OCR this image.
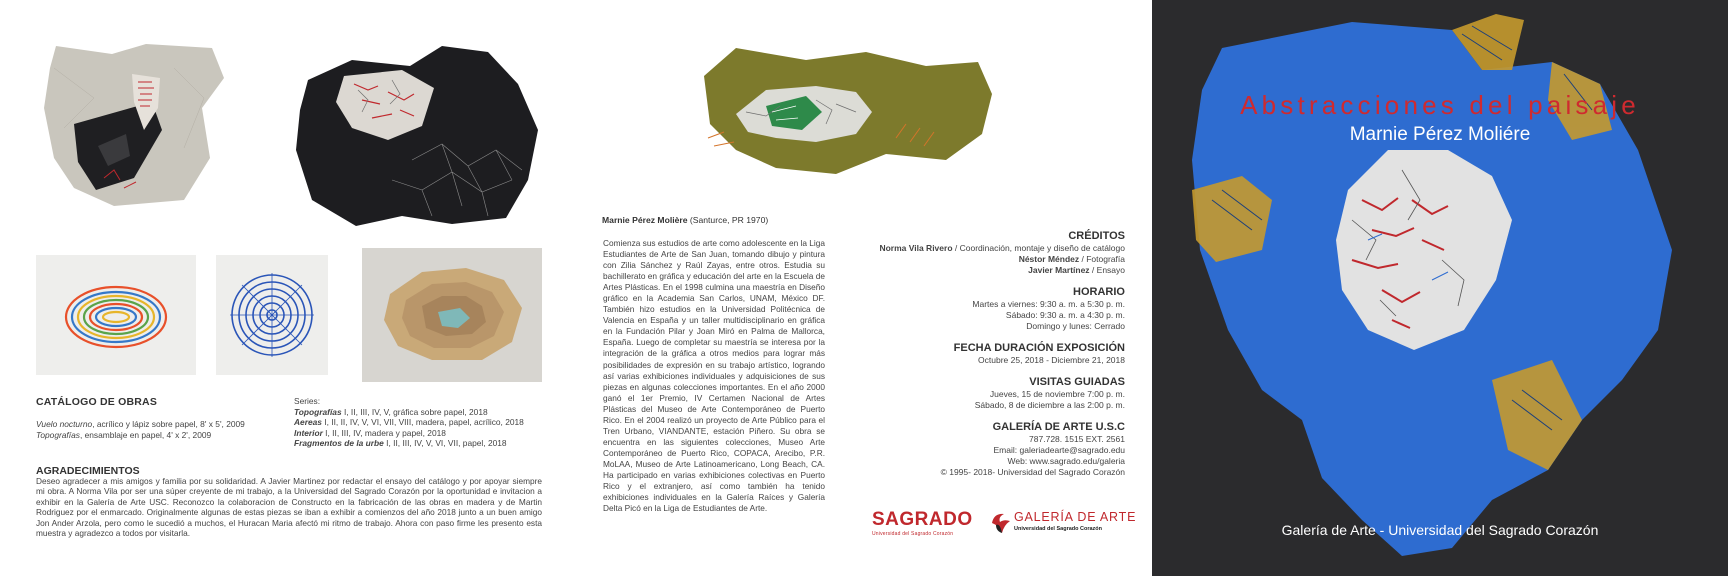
CATÁLOGO DE OBRAS
Vuelo nocturno, acrílico y lápiz sobre papel, 8' x 5', 2009
Topografías, ensamblaje en papel, 4' x 2', 2009
Series:
Topografías I, II, III, IV, V, gráfica sobre papel, 2018
Aereas I, II, II, IV, V, VI, VII, VIII, madera, papel, acrílico, 2018
Interior I, II, III, IV, madera y papel, 2018
Fragmentos de la urbe I, II, III, IV, V, VI, VII, papel, 2018
AGRADECIMIENTOS
Deseo agradecer a mis amigos y familia por su solidaridad. A Javier Martinez por redactar el ensayo del catálogo y por apoyar siempre mi obra. A Norma Vila por ser una súper creyente de mi trabajo, a la Universidad del Sagrado Corazón por la oportunidad e invitacion a exhibir en la Galería de Arte USC. Reconozco la colaboracion de Constructo en la fabricación de las obras en madera y de Martin Rodriguez por el enmarcado. Originalmente algunas de estas piezas se iban a exhibir a comienzos del año 2018 junto a un buen amigo Jon Ander Arzola, pero como le sucedió a muchos, el Huracan Maria afectó mi ritmo de trabajo. Ahora con paso firme les presento esta muestra y agradezco a todos por visitarla.
Marnie Pérez Molière (Santurce, PR 1970)
Comienza sus estudios de arte como adolescente en la Liga Estudiantes de Arte de San Juan, tomando dibujo y pintura con Zilia Sánchez y Raúl Zayas, entre otros. Estudia su bachillerato en gráfica y educación del arte en la Escuela de Artes Plásticas. En el 1998 culmina una maestría en Diseño gráfico en la Academia San Carlos, UNAM, México DF. También hizo estudios en la Universidad Politécnica de Valencia en España y un taller multidisciplinario en gráfica en la Fundación Pilar y Joan Miró en Palma de Mallorca, España. Luego de completar su maestría se interesa por la integración de la gráfica a otros medios para lograr más posibilidades de expresión en su trabajo artístico, logrando así varias exhibiciones individuales y adquisiciones de sus piezas en algunas colecciones importantes. En el año 2000 ganó el 1er Premio, IV Certamen Nacional de Artes Plásticas del Museo de Arte Contemporáneo de Puerto Rico. En el 2004 realizó un proyecto de Arte Público para el Tren Urbano, VIANDANTE, estación Piñero. Su obra se encuentra en las siguientes colecciones, Museo Arte Contemporáneo de Puerto Rico, COPACA, Arecibo, P.R. MoLAA, Museo de Arte Latinoamericano, Long Beach, CA. Ha participado en varias exhibiciones colectivas en Puerto Rico y el extranjero, así como también ha tenido exhibiciones individuales en la Galería Raíces y Galería Delta Picó en la Liga de Estudiantes de Arte.
CRÉDITOS
Norma Vila Rivero / Coordinación, montaje y diseño de catálogo
Néstor Méndez / Fotografía
Javier Martínez / Ensayo
HORARIO
Martes a viernes: 9:30 a. m. a 5:30 p. m.
Sábado: 9:30 a. m. a 4:30 p. m.
Domingo y lunes: Cerrado
FECHA DURACIÓN EXPOSICIÓN
Octubre 25, 2018 - Diciembre 21, 2018
VISITAS GUIADAS
Jueves, 15 de noviembre 7:00 p. m.
Sábado, 8 de diciembre a las 2:00 p. m.
GALERÍA DE ARTE U.S.C
787.728. 1515 EXT. 2561
Email: galeriadearte@sagrado.edu
Web: www.sagrado.edu/galeria
© 1995- 2018- Universidad del Sagrado Corazón
SAGRADO
Universidad del Sagrado Corazón
GALERÍA DE ARTE
Universidad del Sagrado Corazón
Abstracciones del paisaje
Marnie Pérez Moliére
Galería de Arte - Universidad del Sagrado Corazón
